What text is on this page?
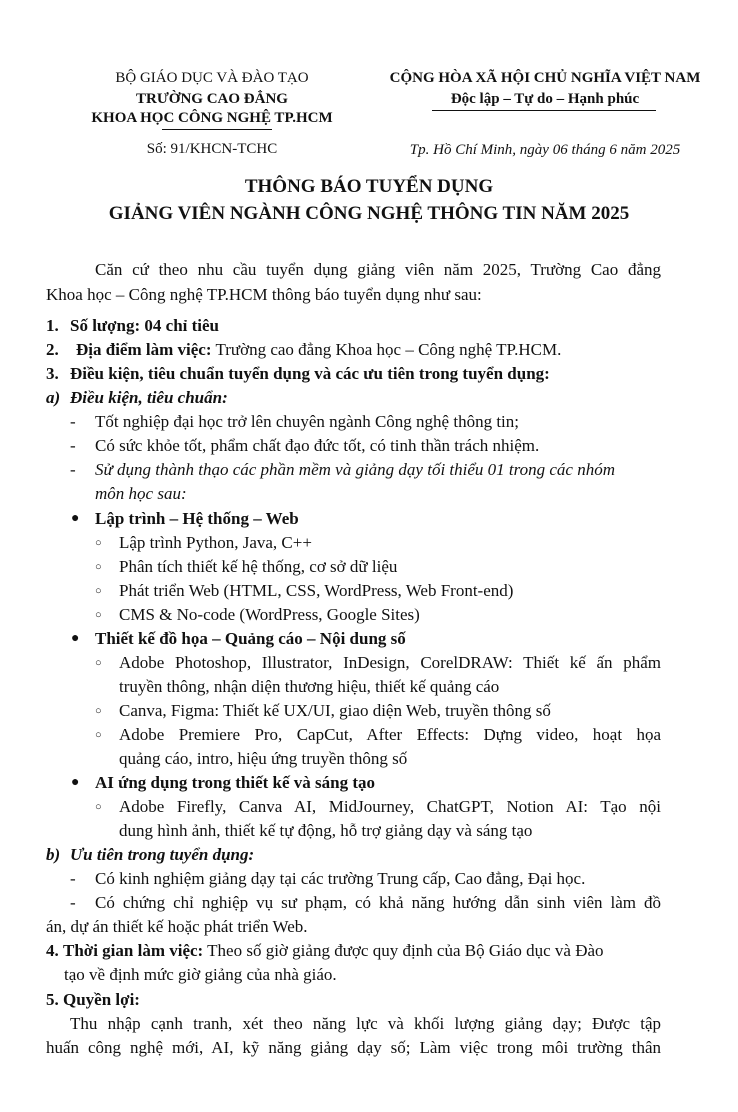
BỘ GIÁO DỤC VÀ ĐÀO TẠO
TRƯỜNG CAO ĐẲNG
KHOA HỌC CÔNG NGHỆ TP.HCM
Số: 91/KHCN-TCHC
CỘNG HÒA XÃ HỘI CHỦ NGHĨA VIỆT NAM
Độc lập – Tự do – Hạnh phúc
Tp. Hồ Chí Minh, ngày 06 tháng 6 năm 2025
THÔNG BÁO TUYỂN DỤNG
GIẢNG VIÊN NGÀNH CÔNG NGHỆ THÔNG TIN NĂM 2025
Căn cứ theo nhu cầu tuyển dụng giảng viên năm 2025, Trường Cao đẳng
Khoa học – Công nghệ TP.HCM thông báo tuyển dụng như sau:
1. Số lượng: 04 chỉ tiêu
2. Địa điểm làm việc: Trường cao đẳng Khoa học – Công nghệ TP.HCM.
3. Điều kiện, tiêu chuẩn tuyển dụng và các ưu tiên trong tuyển dụng:
a) Điều kiện, tiêu chuẩn:
- Tốt nghiệp đại học trở lên chuyên ngành Công nghệ thông tin;
- Có sức khỏe tốt, phẩm chất đạo đức tốt, có tinh thần trách nhiệm.
- Sử dụng thành thạo các phần mềm và giảng dạy tối thiểu 01 trong các nhóm
môn học sau:
● Lập trình – Hệ thống – Web
○ Lập trình Python, Java, C++
○ Phân tích thiết kế hệ thống, cơ sở dữ liệu
○ Phát triển Web (HTML, CSS, WordPress, Web Front-end)
○ CMS & No-code (WordPress, Google Sites)
● Thiết kế đồ họa – Quảng cáo – Nội dung số
○ Adobe Photoshop, Illustrator, InDesign, CorelDRAW: Thiết kế ấn phẩm
truyền thông, nhận diện thương hiệu, thiết kế quảng cáo
○ Canva, Figma: Thiết kế UX/UI, giao diện Web, truyền thông số
○ Adobe Premiere Pro, CapCut, After Effects: Dựng video, hoạt họa
quảng cáo, intro, hiệu ứng truyền thông số
● AI ứng dụng trong thiết kế và sáng tạo
○ Adobe Firefly, Canva AI, MidJourney, ChatGPT, Notion AI: Tạo nội
dung hình ảnh, thiết kế tự động, hỗ trợ giảng dạy và sáng tạo
b) Ưu tiên trong tuyển dụng:
- Có kinh nghiệm giảng dạy tại các trường Trung cấp, Cao đẳng, Đại học.
- Có chứng chỉ nghiệp vụ sư phạm, có khả năng hướng dẫn sinh viên làm đồ
án, dự án thiết kế hoặc phát triển Web.
4. Thời gian làm việc: Theo số giờ giảng được quy định của Bộ Giáo dục và Đào
tạo về định mức giờ giảng của nhà giáo.
5. Quyền lợi:
Thu nhập cạnh tranh, xét theo năng lực và khối lượng giảng dạy; Được tập
huấn công nghệ mới, AI, kỹ năng giảng dạy số; Làm việc trong môi trường thân
